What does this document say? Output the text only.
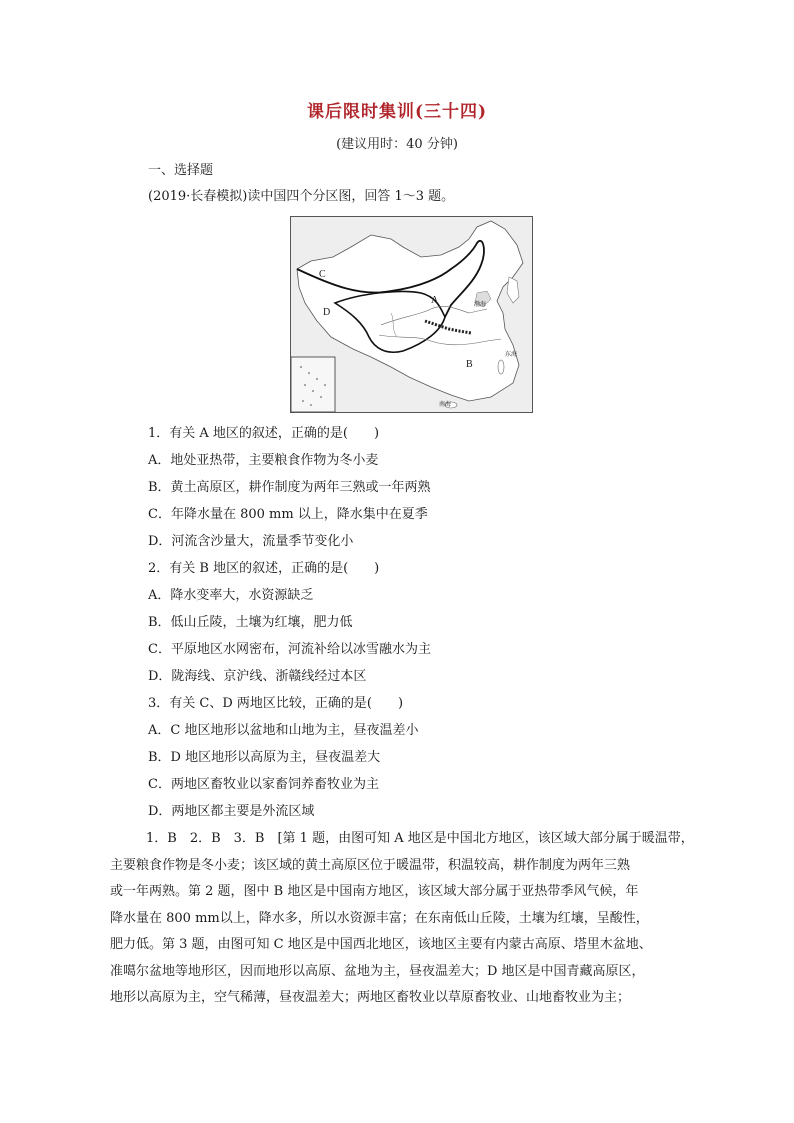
课后限时集训(三十四)
(建议用时：40 分钟)
一、选择题
(2019·长春模拟)读中国四个分区图，回答 1～3 题。
A
B
C
D
渤海
东海
南海
1．有关 A 地区的叙述，正确的是(　　)
A．地处亚热带，主要粮食作物为冬小麦
B．黄土高原区，耕作制度为两年三熟或一年两熟
C．年降水量在 800 mm 以上，降水集中在夏季
D．河流含沙量大，流量季节变化小
2．有关 B 地区的叙述，正确的是(　　)
A．降水变率大，水资源缺乏
B．低山丘陵，土壤为红壤，肥力低
C．平原地区水网密布，河流补给以冰雪融水为主
D．陇海线、京沪线、浙赣线经过本区
3．有关 C、D 两地区比较，正确的是(　　)
A．C 地区地形以盆地和山地为主，昼夜温差小
B．D 地区地形以高原为主，昼夜温差大
C．两地区畜牧业以家畜饲养畜牧业为主
D．两地区都主要是外流区域
1．B　2．B　3．B　[第 1 题，由图可知 A 地区是中国北方地区，该区域大部分属于暖温带，
主要粮食作物是冬小麦；该区域的黄土高原区位于暖温带，积温较高，耕作制度为两年三熟
或一年两熟。第 2 题，图中 B 地区是中国南方地区，该区域大部分属于亚热带季风气候，年
降水量在 800 mm以上，降水多，所以水资源丰富；在东南低山丘陵，土壤为红壤，呈酸性，
肥力低。第 3 题，由图可知 C 地区是中国西北地区，该地区主要有内蒙古高原、塔里木盆地、
准噶尔盆地等地形区，因而地形以高原、盆地为主，昼夜温差大；D 地区是中国青藏高原区，
地形以高原为主，空气稀薄，昼夜温差大；两地区畜牧业以草原畜牧业、山地畜牧业为主；
